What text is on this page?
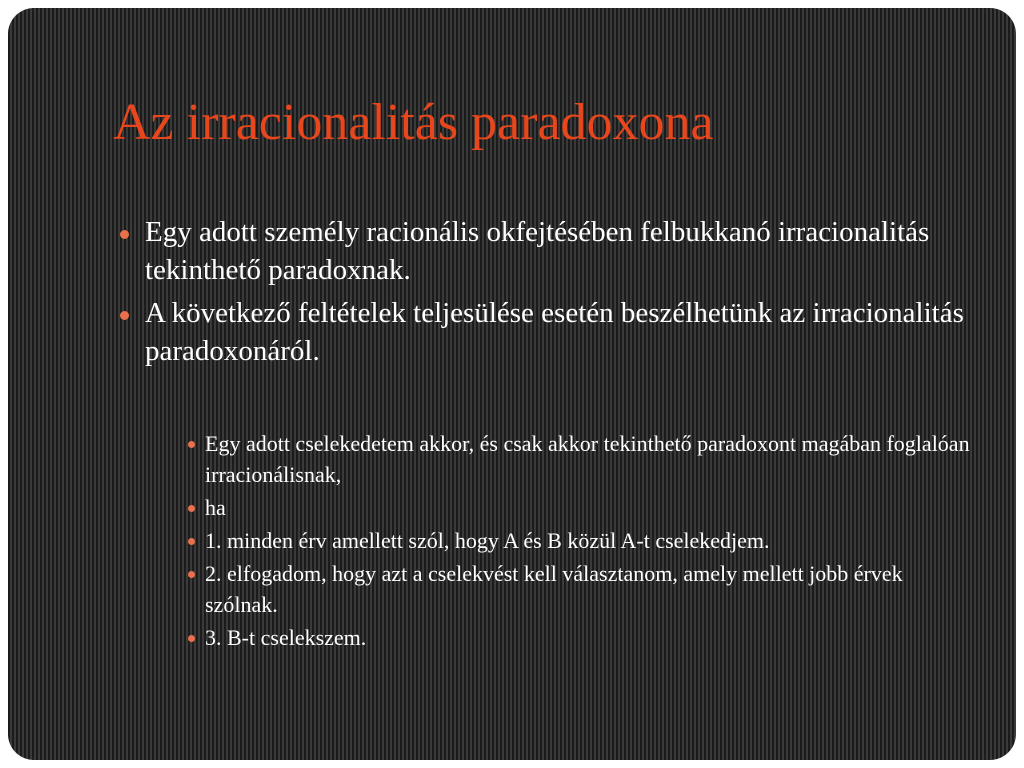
Az irracionalitás paradoxona
Egy adott személy racionális okfejtésében felbukkanó irracionalitás tekinthető paradoxnak.
A következő feltételek teljesülése esetén beszélhetünk az irracionalitás paradoxonáról.
Egy adott cselekedetem akkor, és csak akkor tekinthető paradoxont magában foglalóan irracionálisnak,
ha
1. minden érv amellett szól, hogy A és B közül A-t cselekedjem.
2. elfogadom, hogy azt a cselekvést kell választanom, amely mellett jobb érvek szólnak.
3. B-t cselekszem.
